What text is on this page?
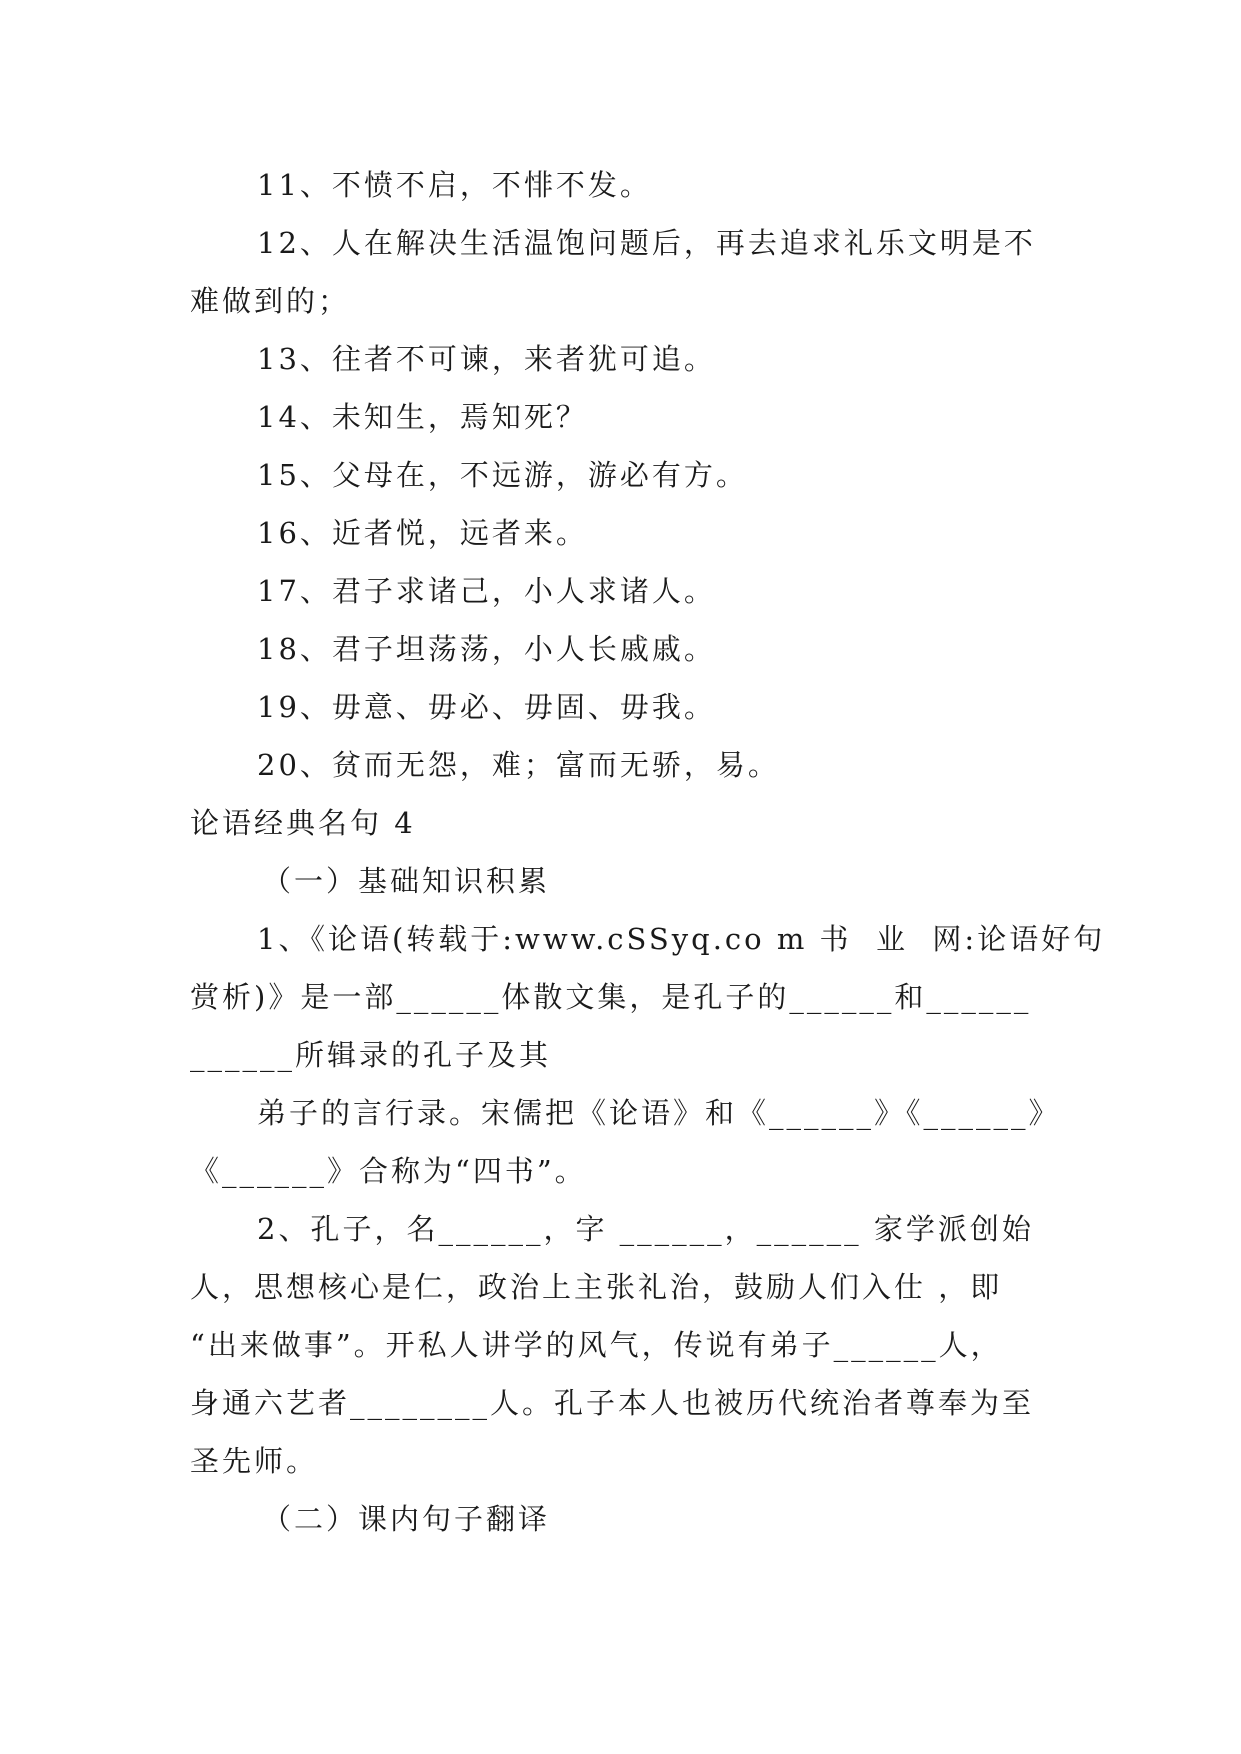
11、不愤不启，不悱不发。
12、人在解决生活温饱问题后，再去追求礼乐文明是不
难做到的；
13、往者不可谏，来者犹可追。
14、未知生，焉知死？
15、父母在，不远游，游必有方。
16、近者悦，远者来。
17、君子求诸己，小人求诸人。
18、君子坦荡荡，小人长戚戚。
19、毋意、毋必、毋固、毋我。
20、贫而无怨，难；富而无骄，易。
论语经典名句 4
（一）基础知识积累
1、《论语(转载于:www.cSSyq.co m 书  业  网:论语好句
赏析)》是一部______体散文集，是孔子的______和______
______所辑录的孔子及其
弟子的言行录。宋儒把《论语》和《______》《______》
《______》合称为“四书”。
2、孔子，名______，字 ______，______ 家学派创始
人，思想核心是仁，政治上主张礼治，鼓励人们入仕 ，即
“出来做事”。开私人讲学的风气，传说有弟子______人，
身通六艺者________人。孔子本人也被历代统治者尊奉为至
圣先师。
（二）课内句子翻译
